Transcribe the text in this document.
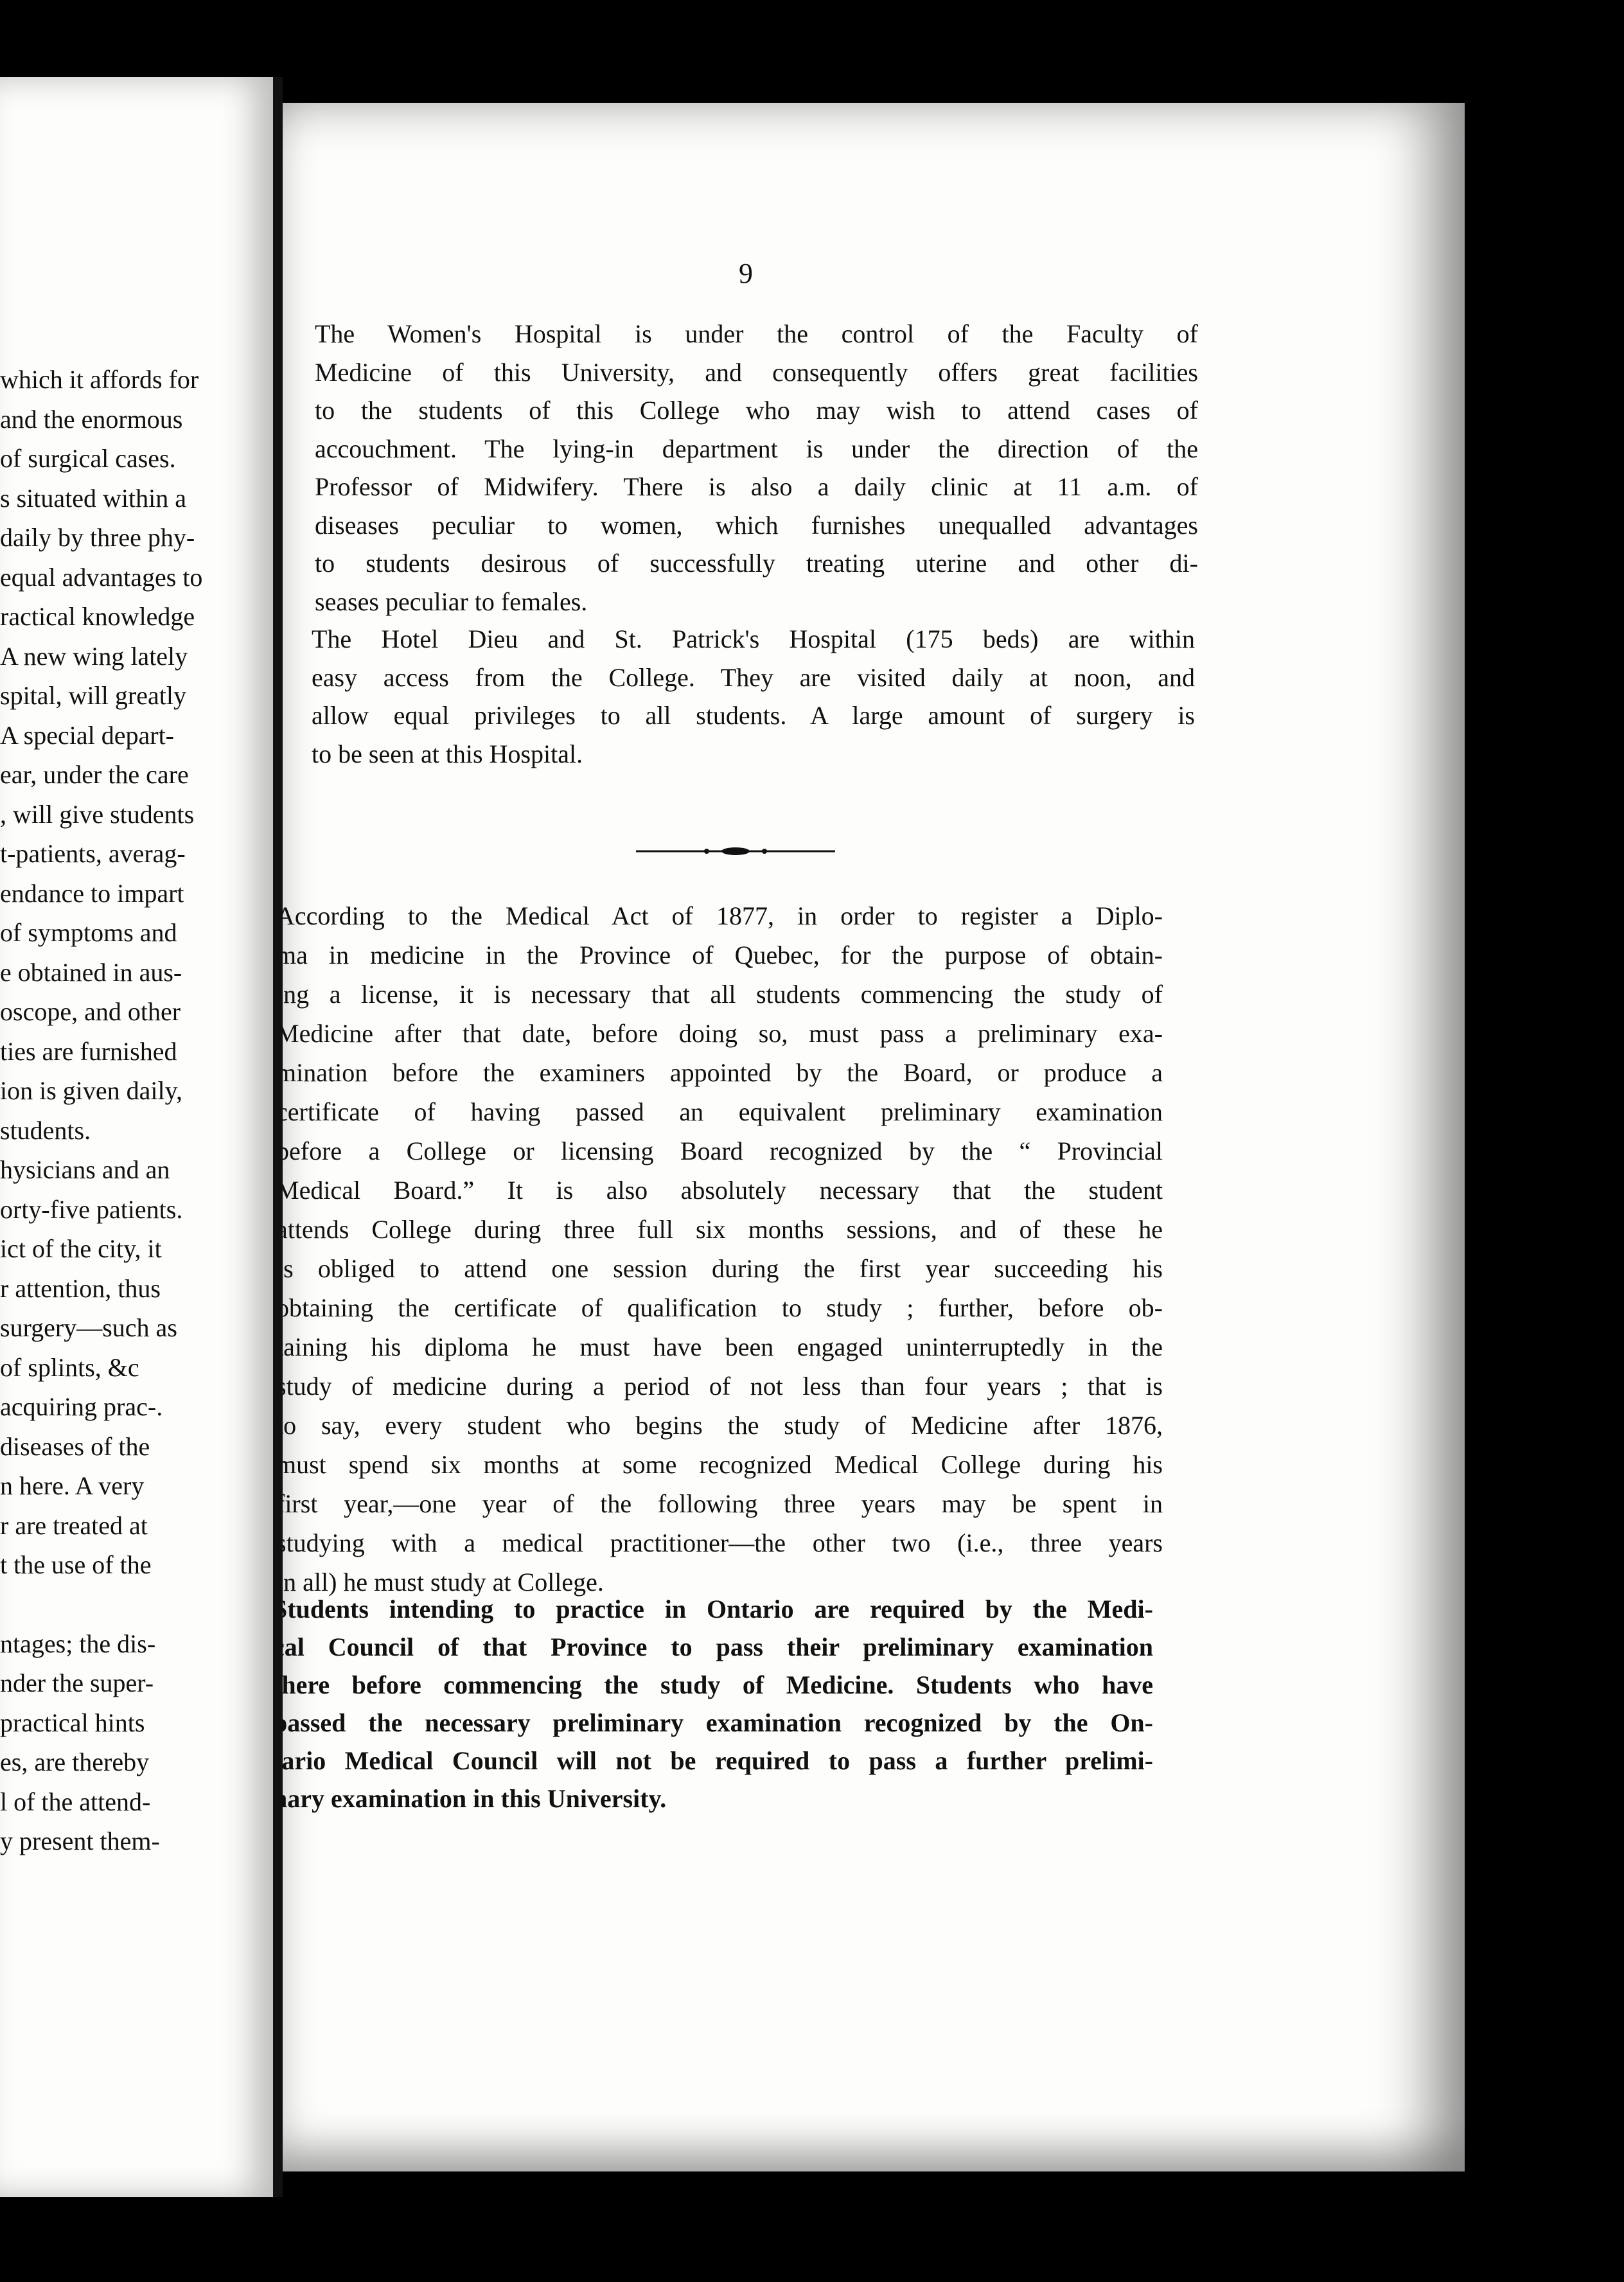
which it affords for
and the enormous
of surgical cases.
s situated within a
daily by three phy-
equal advantages to
ractical knowledge
A new wing lately
spital, will greatly
A special depart-
ear, under the care
, will give students
t-patients, averag-
endance to impart
of symptoms and
e obtained in aus-
oscope, and other
ties are furnished
ion is given daily,
students.
hysicians and an
orty-five patients.
ict of the city, it
r attention, thus
surgery—such as
of splints, &c
acquiring prac-.
diseases of the
n here. A very
r are treated at
t the use of the
ntages; the dis-
nder the super-
practical hints
es, are thereby
l of the attend-
y present them-
9
The Women's Hospital is under the control of the Faculty of
Medicine of this University, and consequently offers great facilities
to the students of this College who may wish to attend cases of
accouchment. The lying-in department is under the direction of the
Professor of Midwifery. There is also a daily clinic at 11 a.m. of
diseases peculiar to women, which furnishes unequalled advantages
to students desirous of successfully treating uterine and other di-
seases peculiar to females.
The Hotel Dieu and St. Patrick's Hospital (175 beds) are within
easy access from the College. They are visited daily at noon, and
allow equal privileges to all students. A large amount of surgery is
to be seen at this Hospital.
According to the Medical Act of 1877, in order to register a Diplo-
ma in medicine in the Province of Quebec, for the purpose of obtain-
ing a license, it is necessary that all students commencing the study of
Medicine after that date, before doing so, must pass a preliminary exa-
mination before the examiners appointed by the Board, or produce a
certificate of having passed an equivalent preliminary examination
before a College or licensing Board recognized by the “ Provincial
Medical Board.” It is also absolutely necessary that the student
attends College during three full six months sessions, and of these he
is obliged to attend one session during the first year succeeding his
obtaining the certificate of qualification to study ; further, before ob-
taining his diploma he must have been engaged uninterruptedly in the
study of medicine during a period of not less than four years ; that is
to say, every student who begins the study of Medicine after 1876,
must spend six months at some recognized Medical College during his
first year,—one year of the following three years may be spent in
studying with a medical practitioner—the other two (i.e., three years
in all) he must study at College.
Students intending to practice in Ontario are required by the Medi-
cal Council of that Province to pass their preliminary examination
there before commencing the study of Medicine. Students who have
passed the necessary preliminary examination recognized by the On-
tario Medical Council will not be required to pass a further prelimi-
nary examination in this University.
